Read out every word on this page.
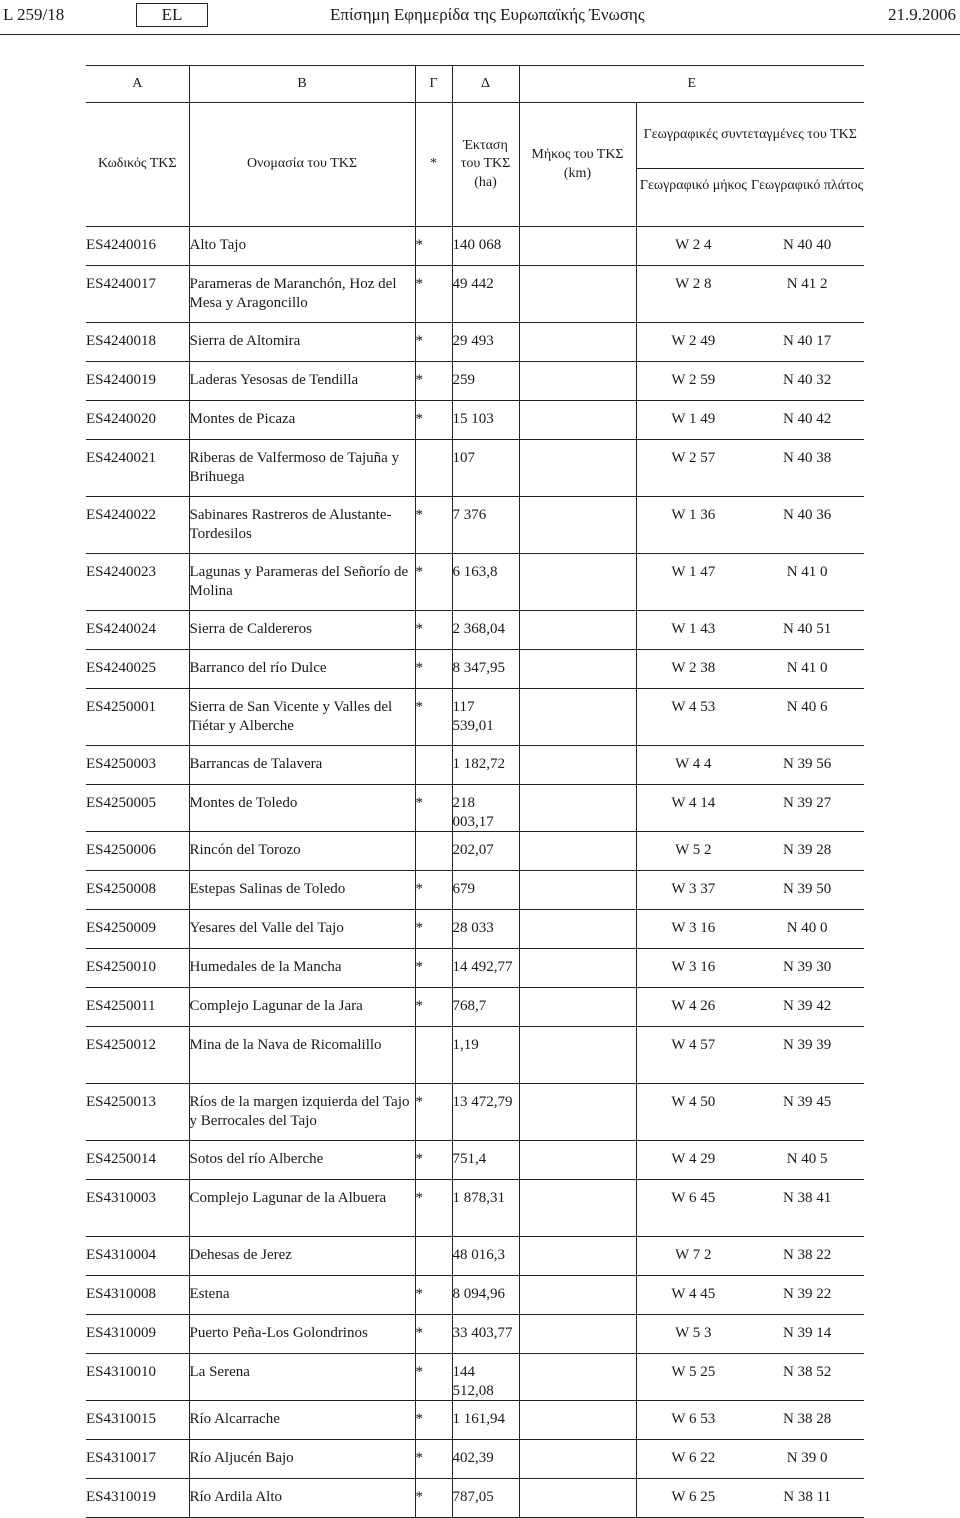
L 259/18	EL	Επίσημη Εφημερίδα της Ευρωπαϊκής Ένωσης	21.9.2006
A	B	Γ	Δ	E	
Κωδικός ΤΚΣ	Ονομασία του ΤΚΣ	*	Έκταση του ΤΚΣ (ha)	Μήκος του ΤΚΣ (km)	Γεωγραφικές συντεταγμένες του ΤΚΣ

					Γεωγραφικό μήκος Γεωγραφικό πλάτος

ES4240016	Alto Tajo	*	140 068		W 2 4 N 40 40

ES4240017	Parameras de Maranchón, Hoz del Mesa y Aragoncillo	*	49 442		W 2 8 N 41 2

ES4240018	Sierra de Altomira	*	29 493		W 2 49 N 40 17

ES4240019	Laderas Yesosas de Tendilla	*	259		W 2 59 N 40 32

ES4240020	Montes de Picaza	*	15 103		W 1 49 N 40 42

ES4240021	Riberas de Valfermoso de Tajuña y Brihuega		107		W 2 57 N 40 38

ES4240022	Sabinares Rastreros de Alustante-Tordesilos	*	7 376		W 1 36 N 40 36

ES4240023	Lagunas y Parameras del Señorío de Molina	*	6 163,8		W 1 47 N 41 0

ES4240024	Sierra de Caldereros	*	2 368,04		W 1 43 N 40 51

ES4240025	Barranco del río Dulce	*	8 347,95		W 2 38 N 41 0

ES4250001	Sierra de San Vicente y Valles del Tiétar y Alberche	*	117 539,01		W 4 53 N 40 6

ES4250003	Barrancas de Talavera		1 182,72		W 4 4 N 39 56

ES4250005	Montes de Toledo	*	218 003,17		W 4 14 N 39 27

ES4250006	Rincón del Torozo		202,07		W 5 2 N 39 28

ES4250008	Estepas Salinas de Toledo	*	679		W 3 37 N 39 50

ES4250009	Yesares del Valle del Tajo	*	28 033		W 3 16 N 40 0

ES4250010	Humedales de la Mancha	*	14 492,77		W 3 16 N 39 30

ES4250011	Complejo Lagunar de la Jara	*	768,7		W 4 26 N 39 42

ES4250012	Mina de la Nava de Ricomalillo		1,19		W 4 57 N 39 39

ES4250013	Ríos de la margen izquierda del Tajo y Berrocales del Tajo	*	13 472,79		W 4 50 N 39 45

ES4250014	Sotos del río Alberche	*	751,4		W 4 29 N 40 5

ES4310003	Complejo Lagunar de la Albuera	*	1 878,31		W 6 45 N 38 41

ES4310004	Dehesas de Jerez		48 016,3		W 7 2 N 38 22

ES4310008	Estena	*	8 094,96		W 4 45 N 39 22

ES4310009	Puerto Peña-Los Golondrinos	*	33 403,77		W 5 3 N 39 14

ES4310010	La Serena	*	144 512,08		W 5 25 N 38 52

ES4310015	Río Alcarrache	*	1 161,94		W 6 53 N 38 28

ES4310017	Río Aljucén Bajo	*	402,39		W 6 22 N 39 0

ES4310019	Río Ardila Alto	*	787,05		W 6 25 N 38 11
